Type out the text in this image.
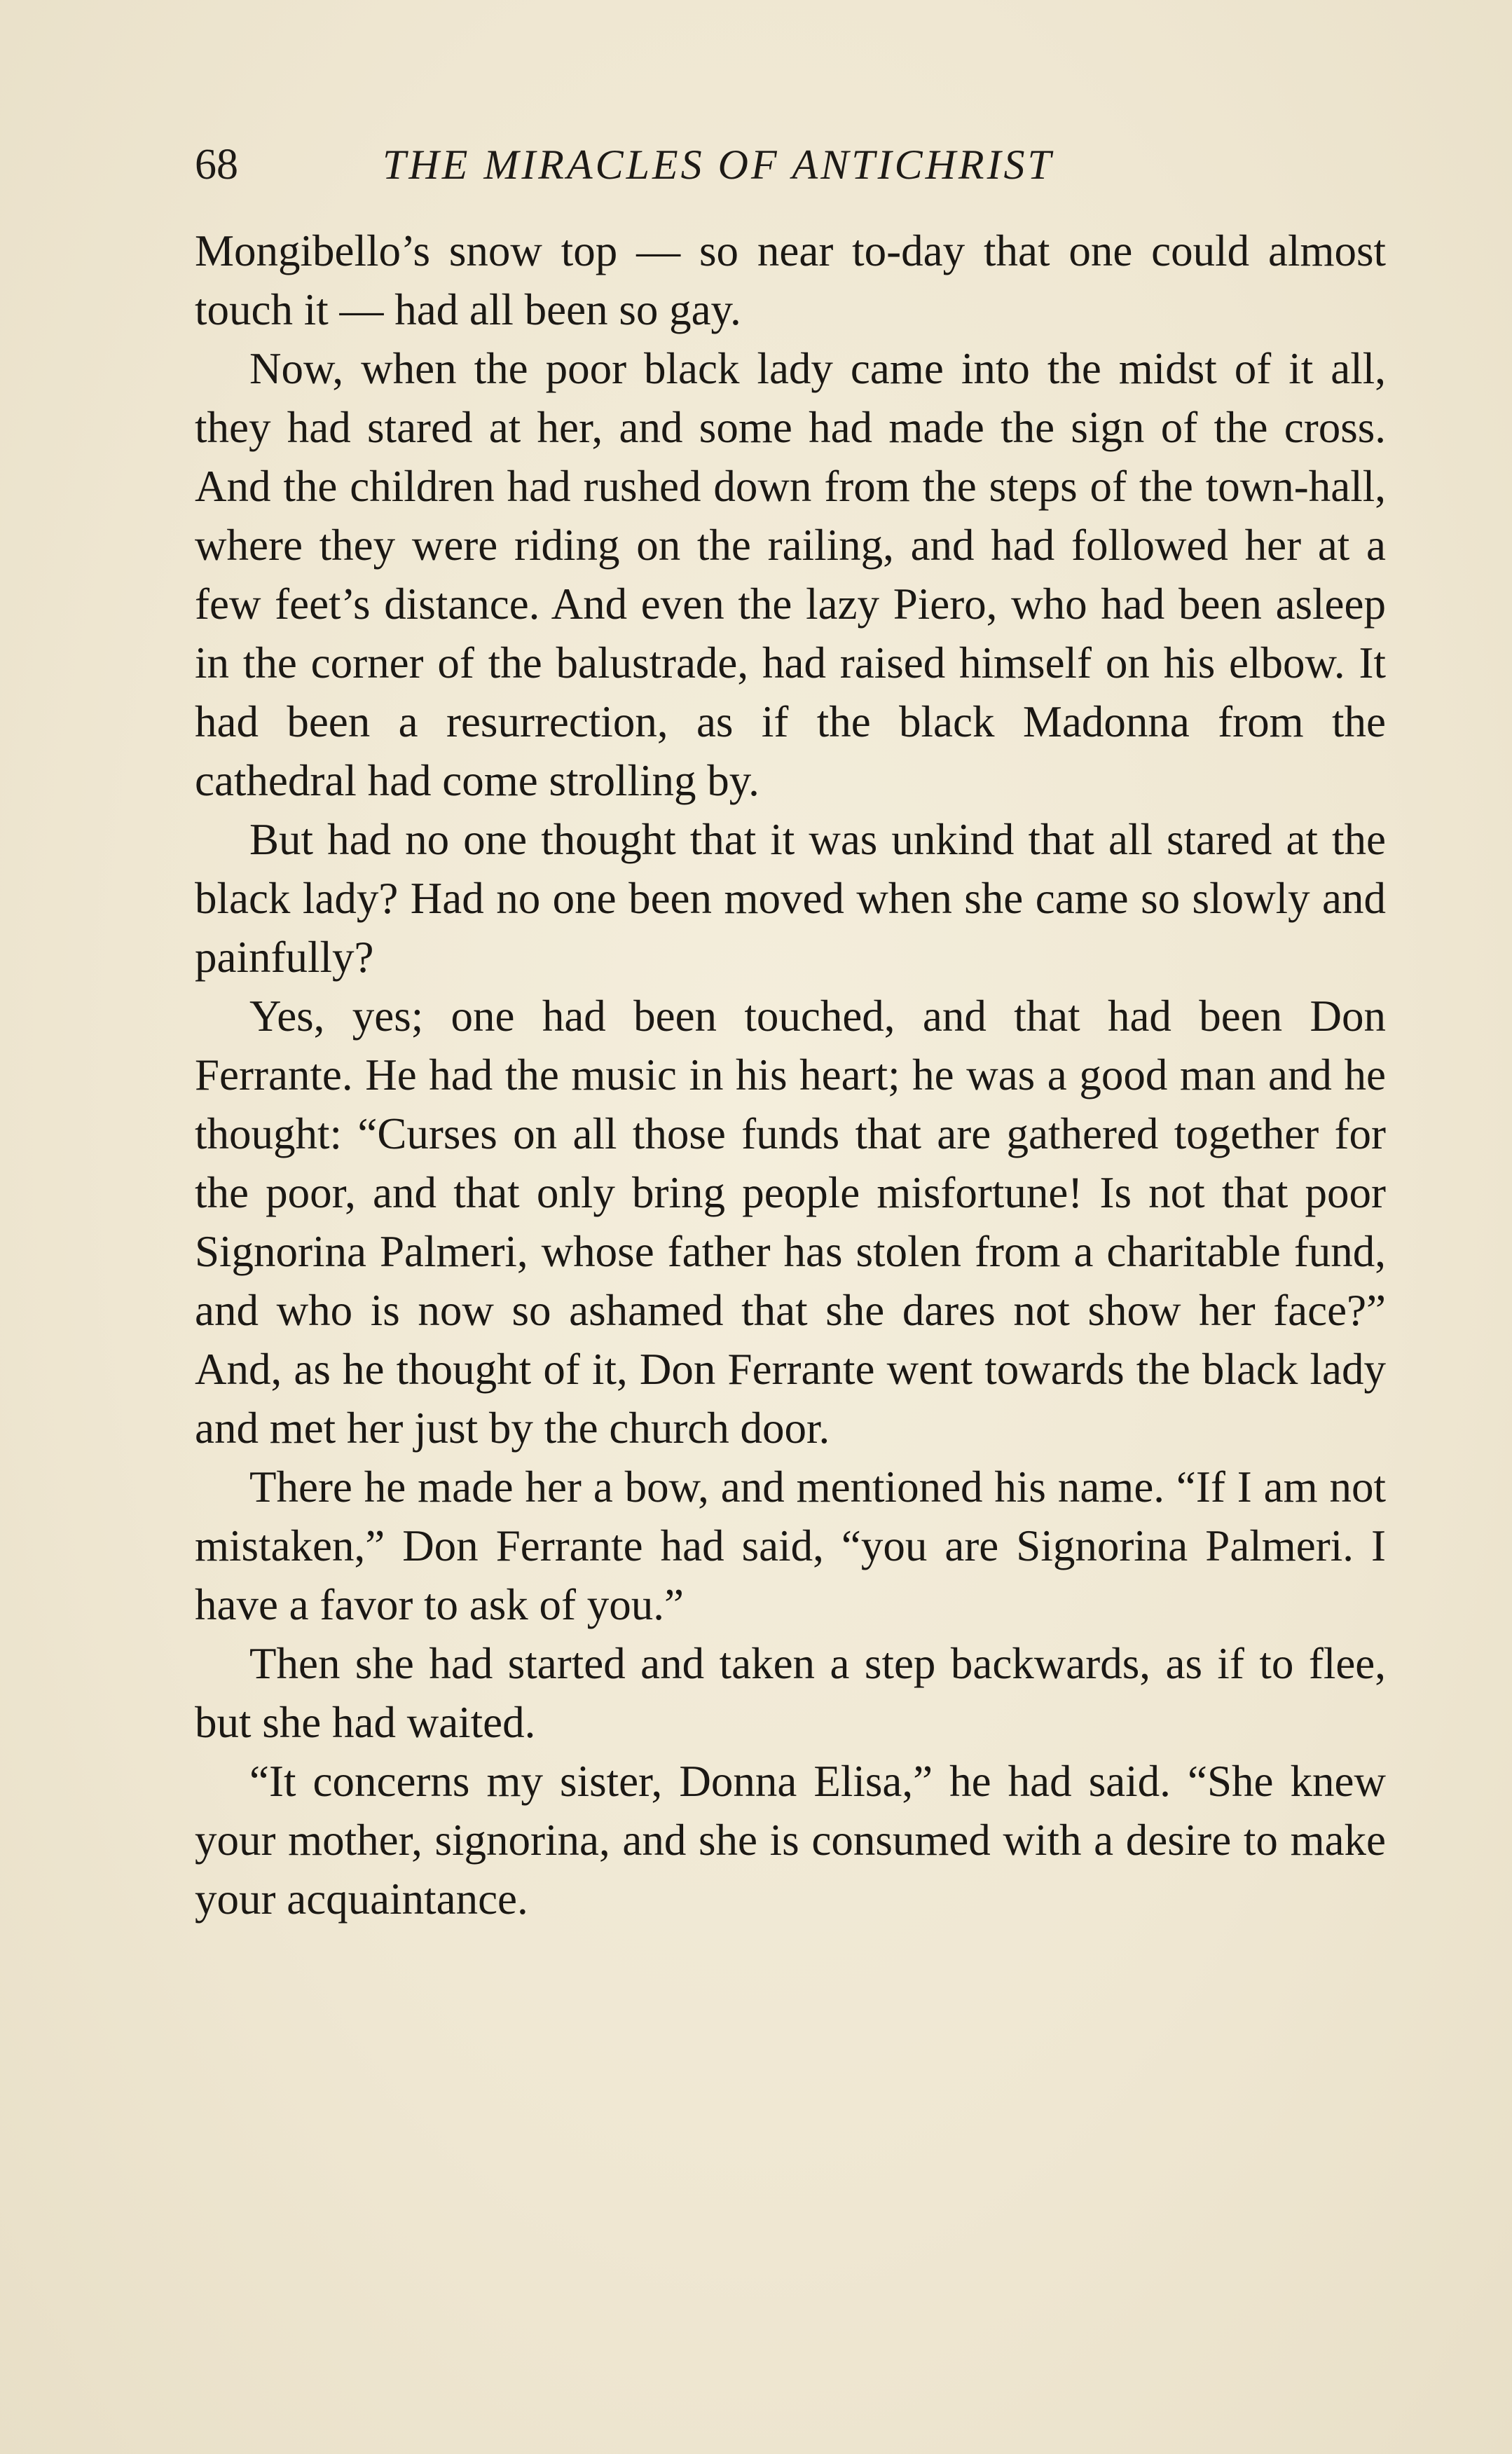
68	THE MIRACLES OF ANTICHRIST

Mongibello’s snow top — so near to-day that one could almost touch it — had all been so gay.

Now, when the poor black lady came into the midst of it all, they had stared at her, and some had made the sign of the cross. And the children had rushed down from the steps of the town-hall, where they were riding on the railing, and had followed her at a few feet’s distance. And even the lazy Piero, who had been asleep in the corner of the balustrade, had raised himself on his elbow. It had been a resurrection, as if the black Madonna from the cathedral had come strolling by.

But had no one thought that it was unkind that all stared at the black lady? Had no one been moved when she came so slowly and painfully?

Yes, yes; one had been touched, and that had been Don Ferrante. He had the music in his heart; he was a good man and he thought: “Curses on all those funds that are gathered together for the poor, and that only bring people misfortune! Is not that poor Signorina Palmeri, whose father has stolen from a charitable fund, and who is now so ashamed that she dares not show her face?” And, as he thought of it, Don Ferrante went towards the black lady and met her just by the church door.

There he made her a bow, and mentioned his name. “If I am not mistaken,” Don Ferrante had said, “you are Signorina Palmeri. I have a favor to ask of you.”

Then she had started and taken a step backwards, as if to flee, but she had waited.

“It concerns my sister, Donna Elisa,” he had said. “She knew your mother, signorina, and she is consumed with a desire to make your acquaintance.
